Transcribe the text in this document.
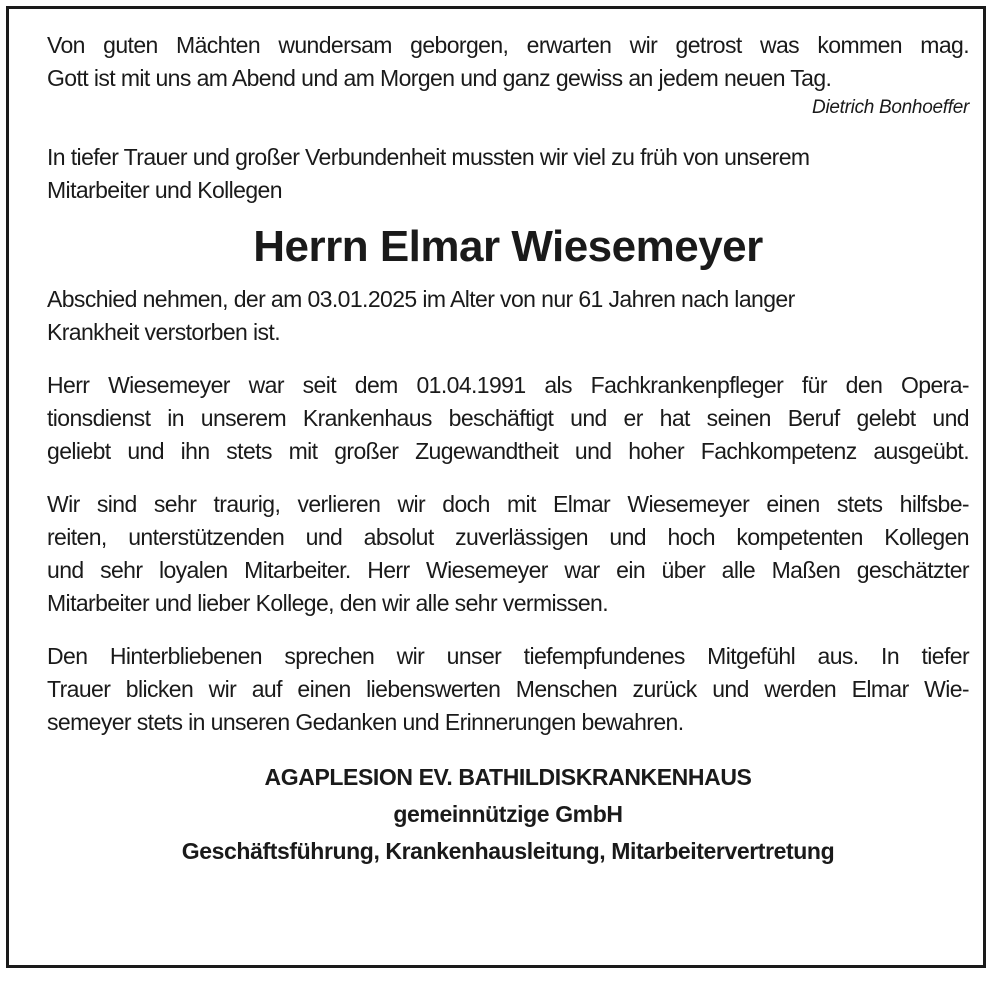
Von guten Mächten wundersam geborgen, erwarten wir getrost was kommen mag.
Gott ist mit uns am Abend und am Morgen und ganz gewiss an jedem neuen Tag.
Dietrich Bonhoeffer
In tiefer Trauer und großer Verbundenheit mussten wir viel zu früh von unserem
Mitarbeiter und Kollegen
Herrn Elmar Wiesemeyer
Abschied nehmen, der am 03.01.2025 im Alter von nur 61 Jahren nach langer
Krankheit verstorben ist.
Herr Wiesemeyer war seit dem 01.04.1991 als Fachkrankenpfleger für den Opera-
tionsdienst in unserem Krankenhaus beschäftigt und er hat seinen Beruf gelebt und
geliebt und ihn stets mit großer Zugewandtheit und hoher Fachkompetenz ausgeübt.
Wir sind sehr traurig, verlieren wir doch mit Elmar Wiesemeyer einen stets hilfsbe-
reiten, unterstützenden und absolut zuverlässigen und hoch kompetenten Kollegen
und sehr loyalen Mitarbeiter. Herr Wiesemeyer war ein über alle Maßen geschätzter
Mitarbeiter und lieber Kollege, den wir alle sehr vermissen.
Den Hinterbliebenen sprechen wir unser tiefempfundenes Mitgefühl aus. In tiefer
Trauer blicken wir auf einen liebenswerten Menschen zurück und werden Elmar Wie-
semeyer stets in unseren Gedanken und Erinnerungen bewahren.
AGAPLESION EV. BATHILDISKRANKENHAUS
gemeinnützige GmbH
Geschäftsführung, Krankenhausleitung, Mitarbeitervertretung
